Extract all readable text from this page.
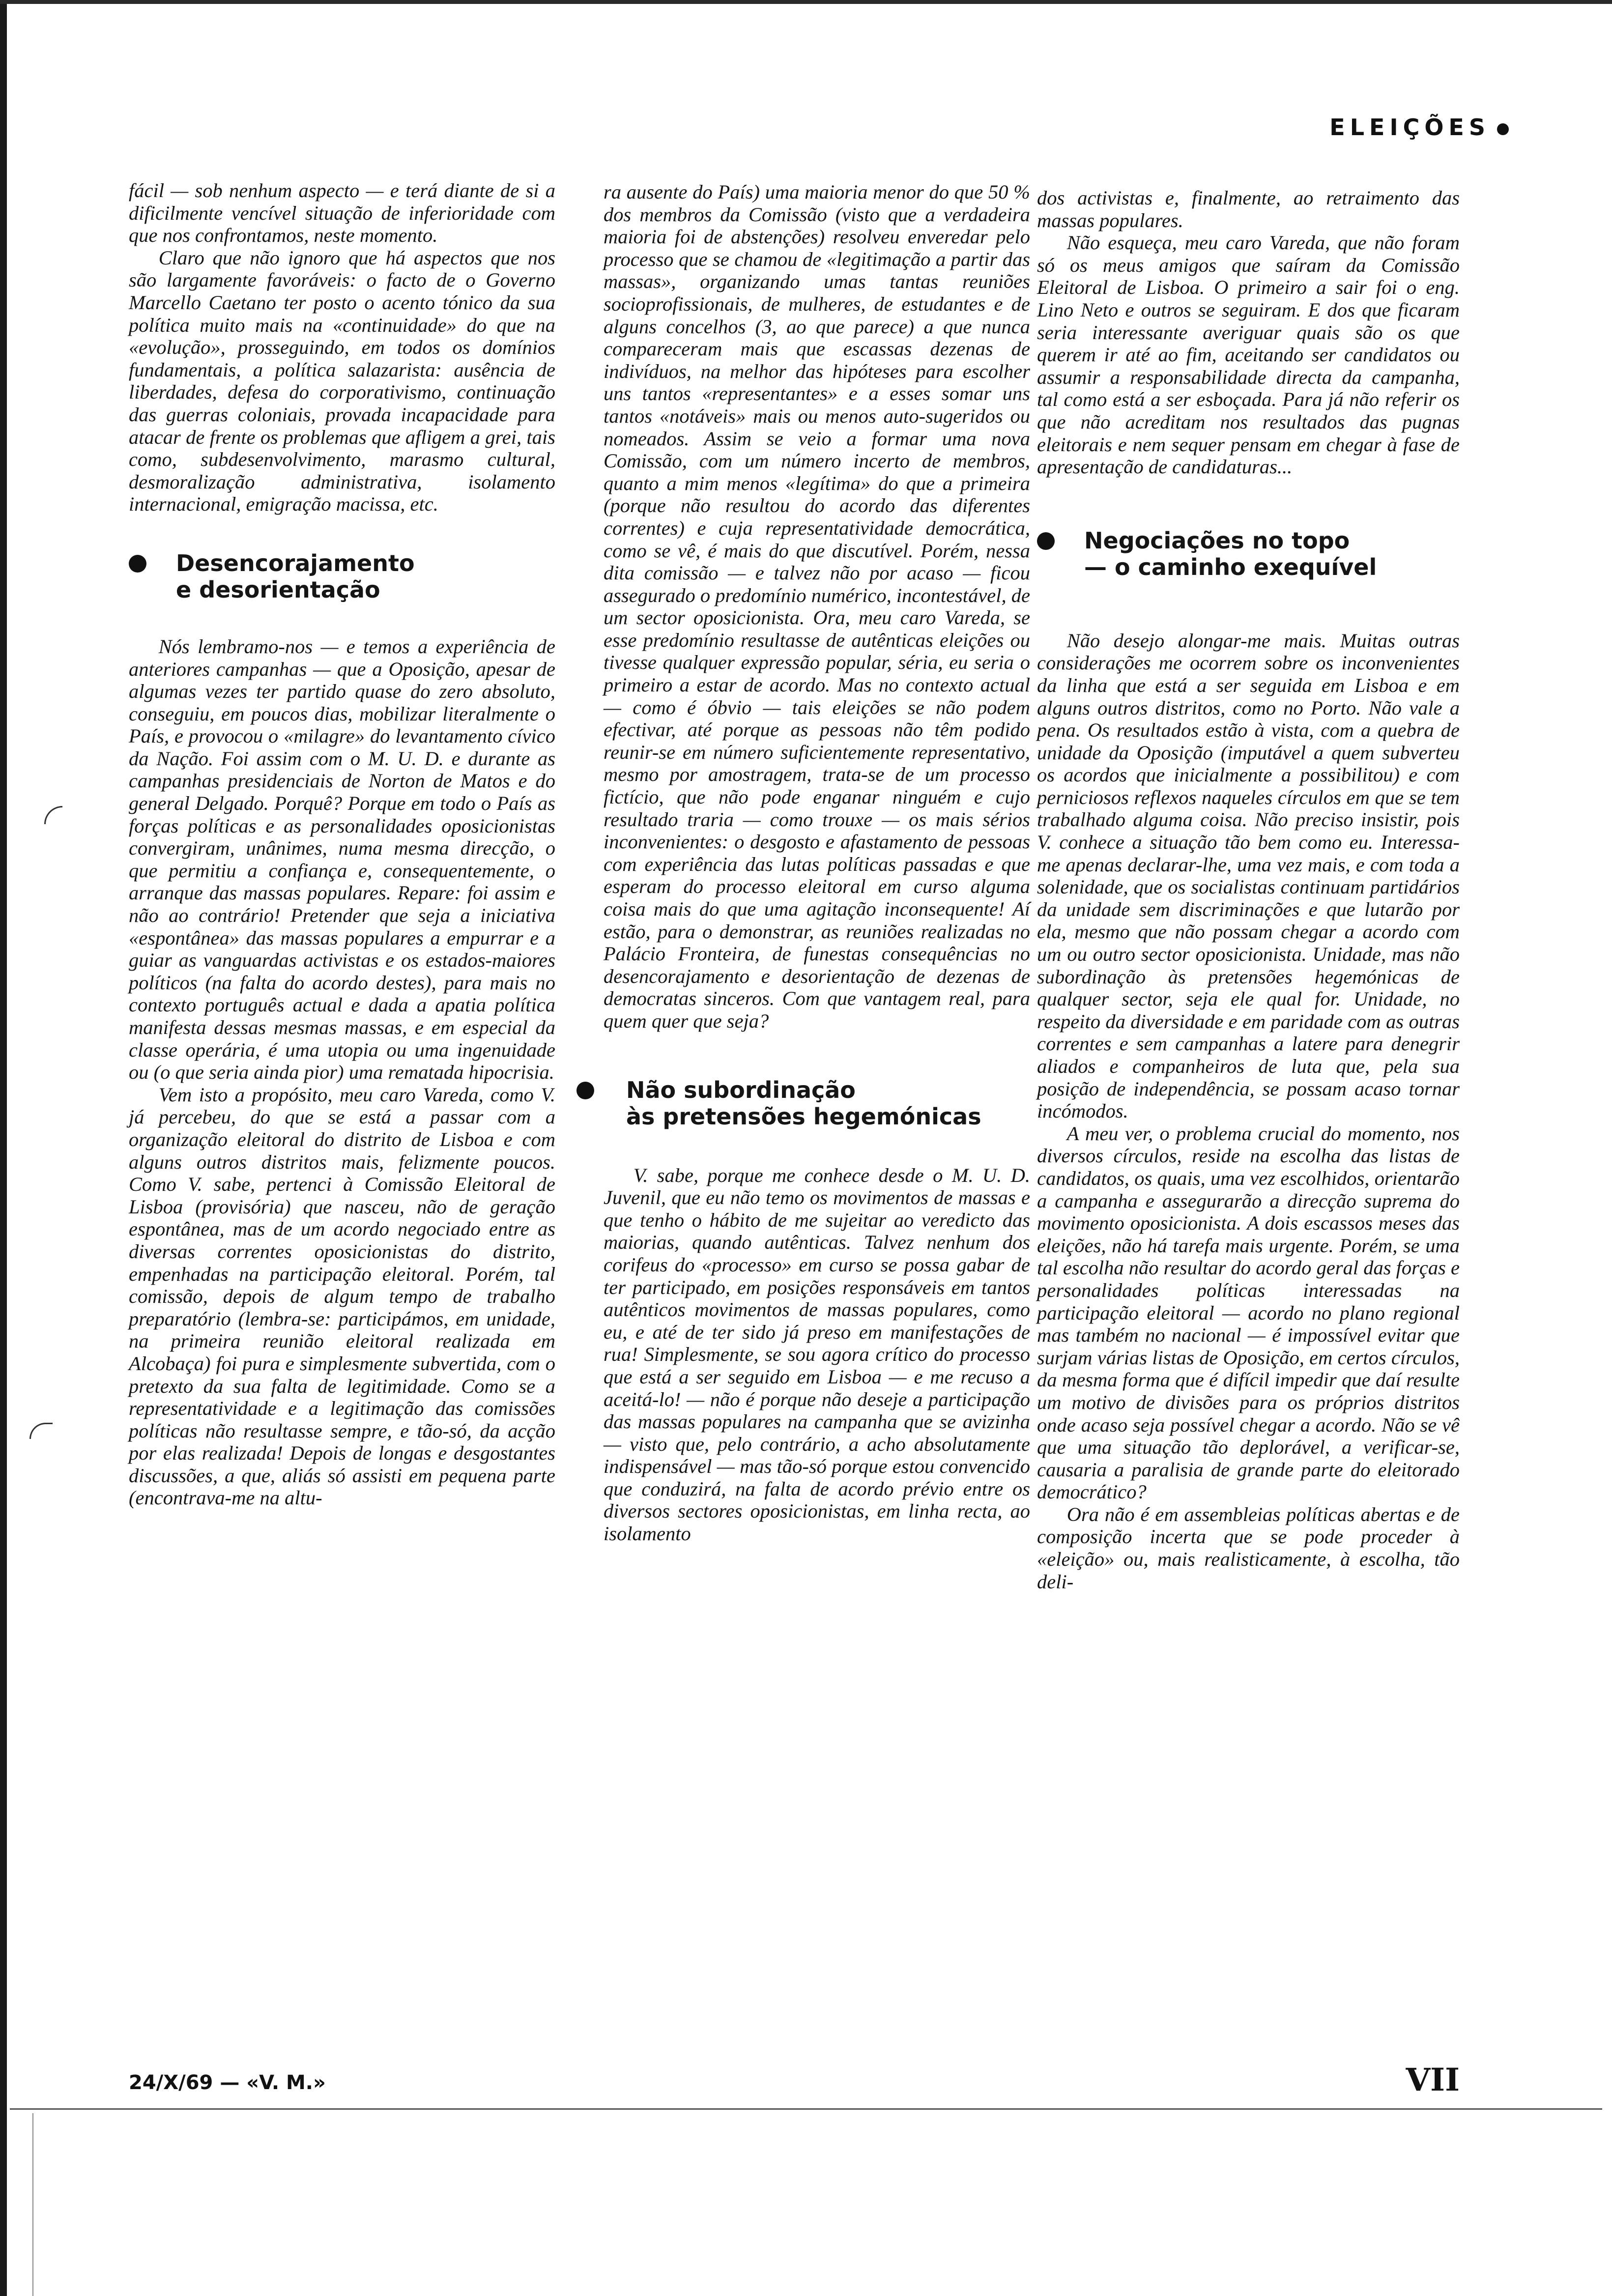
ELEIÇÕES

fácil — sob nenhum aspecto — e terá diante de si a dificilmente vencível situação de inferioridade com que nos confrontamos, neste momento.

Claro que não ignoro que há aspectos que nos são largamente favoráveis: o facto de o Governo Marcello Caetano ter posto o acento tónico da sua política muito mais na «continuidade» do que na «evolução», prosseguindo, em todos os domínios fundamentais, a política salazarista: ausência de liberdades, defesa do corporativismo, continuação das guerras coloniais, provada incapacidade para atacar de frente os problemas que afligem a grei, tais como, subdesenvolvimento, marasmo cultural, desmoralização administrativa, isolamento internacional, emigração macissa, etc.

Desencorajamento
e desorientação

Nós lembramo-nos — e temos a experiência de anteriores campanhas — que a Oposição, apesar de algumas vezes ter partido quase do zero absoluto, conseguiu, em poucos dias, mobilizar literalmente o País, e provocou o «milagre» do levantamento cívico da Nação. Foi assim com o M. U. D. e durante as campanhas presidenciais de Norton de Matos e do general Delgado. Porquê? Porque em todo o País as forças políticas e as personalidades oposicionistas convergiram, unânimes, numa mesma direcção, o que permitiu a confiança e, consequentemente, o arranque das massas populares. Repare: foi assim e não ao contrário! Pretender que seja a iniciativa «espontânea» das massas populares a empurrar e a guiar as vanguardas activistas e os estados-maiores políticos (na falta do acordo destes), para mais no contexto português actual e dada a apatia política manifesta dessas mesmas massas, e em especial da classe operária, é uma utopia ou uma ingenuidade ou (o que seria ainda pior) uma rematada hipocrisia.

Vem isto a propósito, meu caro Vareda, como V. já percebeu, do que se está a passar com a organização eleitoral do distrito de Lisboa e com alguns outros distritos mais, felizmente poucos. Como V. sabe, pertenci à Comissão Eleitoral de Lisboa (provisória) que nasceu, não de geração espontânea, mas de um acordo negociado entre as diversas correntes oposicionistas do distrito, empenhadas na participação eleitoral. Porém, tal comissão, depois de algum tempo de trabalho preparatório (lembra-se: participámos, em unidade, na primeira reunião eleitoral realizada em Alcobaça) foi pura e simplesmente subvertida, com o pretexto da sua falta de legitimidade. Como se a representatividade e a legitimação das comissões políticas não resultasse sempre, e tão-só, da acção por elas realizada! Depois de longas e desgostantes discussões, a que, aliás só assisti em pequena parte (encontrava-me na altu-

ra ausente do País) uma maioria menor do que 50 % dos membros da Comissão (visto que a verdadeira maioria foi de abstenções) resolveu enveredar pelo processo que se chamou de «legitimação a partir das massas», organizando umas tantas reuniões socioprofissionais, de mulheres, de estudantes e de alguns concelhos (3, ao que parece) a que nunca compareceram mais que escassas dezenas de indivíduos, na melhor das hipóteses para escolher uns tantos «representantes» e a esses somar uns tantos «notáveis» mais ou menos auto-sugeridos ou nomeados. Assim se veio a formar uma nova Comissão, com um número incerto de membros, quanto a mim menos «legítima» do que a primeira (porque não resultou do acordo das diferentes correntes) e cuja representatividade democrática, como se vê, é mais do que discutível. Porém, nessa dita comissão — e talvez não por acaso — ficou assegurado o predomínio numérico, incontestável, de um sector oposicionista. Ora, meu caro Vareda, se esse predomínio resultasse de autênticas eleições ou tivesse qualquer expressão popular, séria, eu seria o primeiro a estar de acordo. Mas no contexto actual — como é óbvio — tais eleições se não podem efectivar, até porque as pessoas não têm podido reunir-se em número suficientemente representativo, mesmo por amostragem, trata-se de um processo fictício, que não pode enganar ninguém e cujo resultado traria — como trouxe — os mais sérios inconvenientes: o desgosto e afastamento de pessoas com experiência das lutas políticas passadas e que esperam do processo eleitoral em curso alguma coisa mais do que uma agitação inconsequente! Aí estão, para o demonstrar, as reuniões realizadas no Palácio Fronteira, de funestas consequências no desencorajamento e desorientação de dezenas de democratas sinceros. Com que vantagem real, para quem quer que seja?

Não subordinação
às pretensões hegemónicas

V. sabe, porque me conhece desde o M. U. D. Juvenil, que eu não temo os movimentos de massas e que tenho o hábito de me sujeitar ao veredicto das maiorias, quando autênticas. Talvez nenhum dos corifeus do «processo» em curso se possa gabar de ter participado, em posições responsáveis em tantos autênticos movimentos de massas populares, como eu, e até de ter sido já preso em manifestações de rua! Simplesmente, se sou agora crítico do processo que está a ser seguido em Lisboa — e me recuso a aceitá-lo! — não é porque não deseje a participação das massas populares na campanha que se avizinha — visto que, pelo contrário, a acho absolutamente indispensável — mas tão-só porque estou convencido que conduzirá, na falta de acordo prévio entre os diversos sectores oposicionistas, em linha recta, ao isolamento

dos activistas e, finalmente, ao retraimento das massas populares.

Não esqueça, meu caro Vareda, que não foram só os meus amigos que saíram da Comissão Eleitoral de Lisboa. O primeiro a sair foi o eng. Lino Neto e outros se seguiram. E dos que ficaram seria interessante averiguar quais são os que querem ir até ao fim, aceitando ser candidatos ou assumir a responsabilidade directa da campanha, tal como está a ser esboçada. Para já não referir os que não acreditam nos resultados das pugnas eleitorais e nem sequer pensam em chegar à fase de apresentação de candidaturas...

Negociações no topo
— o caminho exequível

Não desejo alongar-me mais. Muitas outras considerações me ocorrem sobre os inconvenientes da linha que está a ser seguida em Lisboa e em alguns outros distritos, como no Porto. Não vale a pena. Os resultados estão à vista, com a quebra de unidade da Oposição (imputável a quem subverteu os acordos que inicialmente a possibilitou) e com perniciosos reflexos naqueles círculos em que se tem trabalhado alguma coisa. Não preciso insistir, pois V. conhece a situação tão bem como eu. Interessa-me apenas declarar-lhe, uma vez mais, e com toda a solenidade, que os socialistas continuam partidários da unidade sem discriminações e que lutarão por ela, mesmo que não possam chegar a acordo com um ou outro sector oposicionista. Unidade, mas não subordinação às pretensões hegemónicas de qualquer sector, seja ele qual for. Unidade, no respeito da diversidade e em paridade com as outras correntes e sem campanhas a latere para denegrir aliados e companheiros de luta que, pela sua posição de independência, se possam acaso tornar incómodos.

A meu ver, o problema crucial do momento, nos diversos círculos, reside na escolha das listas de candidatos, os quais, uma vez escolhidos, orientarão a campanha e assegurarão a direcção suprema do movimento oposicionista. A dois escassos meses das eleições, não há tarefa mais urgente. Porém, se uma tal escolha não resultar do acordo geral das forças e personalidades políticas interessadas na participação eleitoral — acordo no plano regional mas também no nacional — é impossível evitar que surjam várias listas de Oposição, em certos círculos, da mesma forma que é difícil impedir que daí resulte um motivo de divisões para os próprios distritos onde acaso seja possível chegar a acordo. Não se vê que uma situação tão deplorável, a verificar-se, causaria a paralisia de grande parte do eleitorado democrático?

Ora não é em assembleias políticas abertas e de composição incerta que se pode proceder à «eleição» ou, mais realisticamente, à escolha, tão deli-

24/X/69 — «V. M.»	VII
